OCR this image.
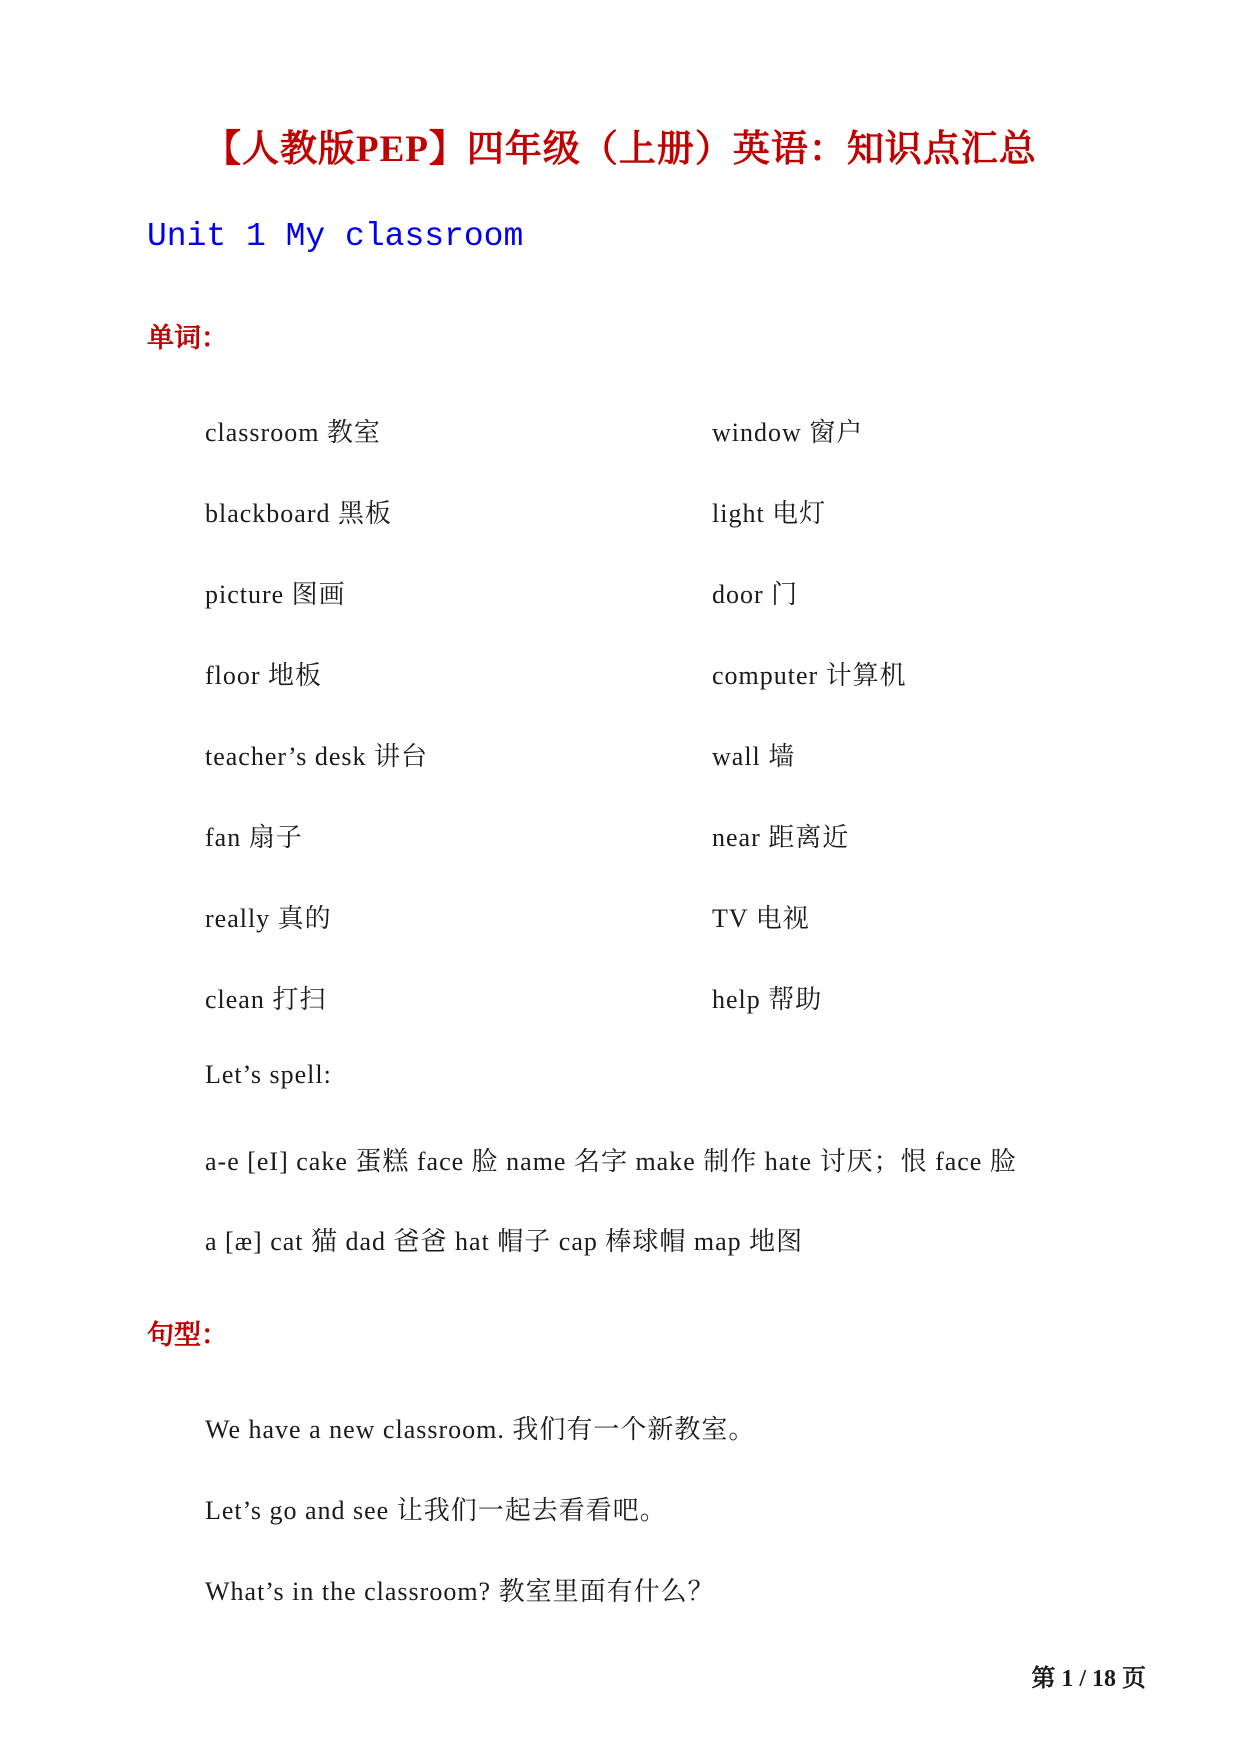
【人教版PEP】四年级（上册）英语：知识点汇总
Unit 1 My classroom
单词：
classroom 教室
blackboard 黑板
picture 图画
floor 地板
teacher’s desk 讲台
fan 扇子
really 真的
clean 打扫
window 窗户
light 电灯
door 门
computer 计算机
wall 墙
near 距离近
TV 电视
help 帮助
Let’s spell:
a-e [eI] cake 蛋糕 face 脸 name 名字 make 制作 hate 讨厌；恨 face 脸
a [æ] cat 猫 dad 爸爸 hat 帽子 cap 棒球帽 map 地图
句型：
We have a new classroom. 我们有一个新教室。
Let’s go and see 让我们一起去看看吧。
What’s in the classroom? 教室里面有什么？
第 1 / 18 页
